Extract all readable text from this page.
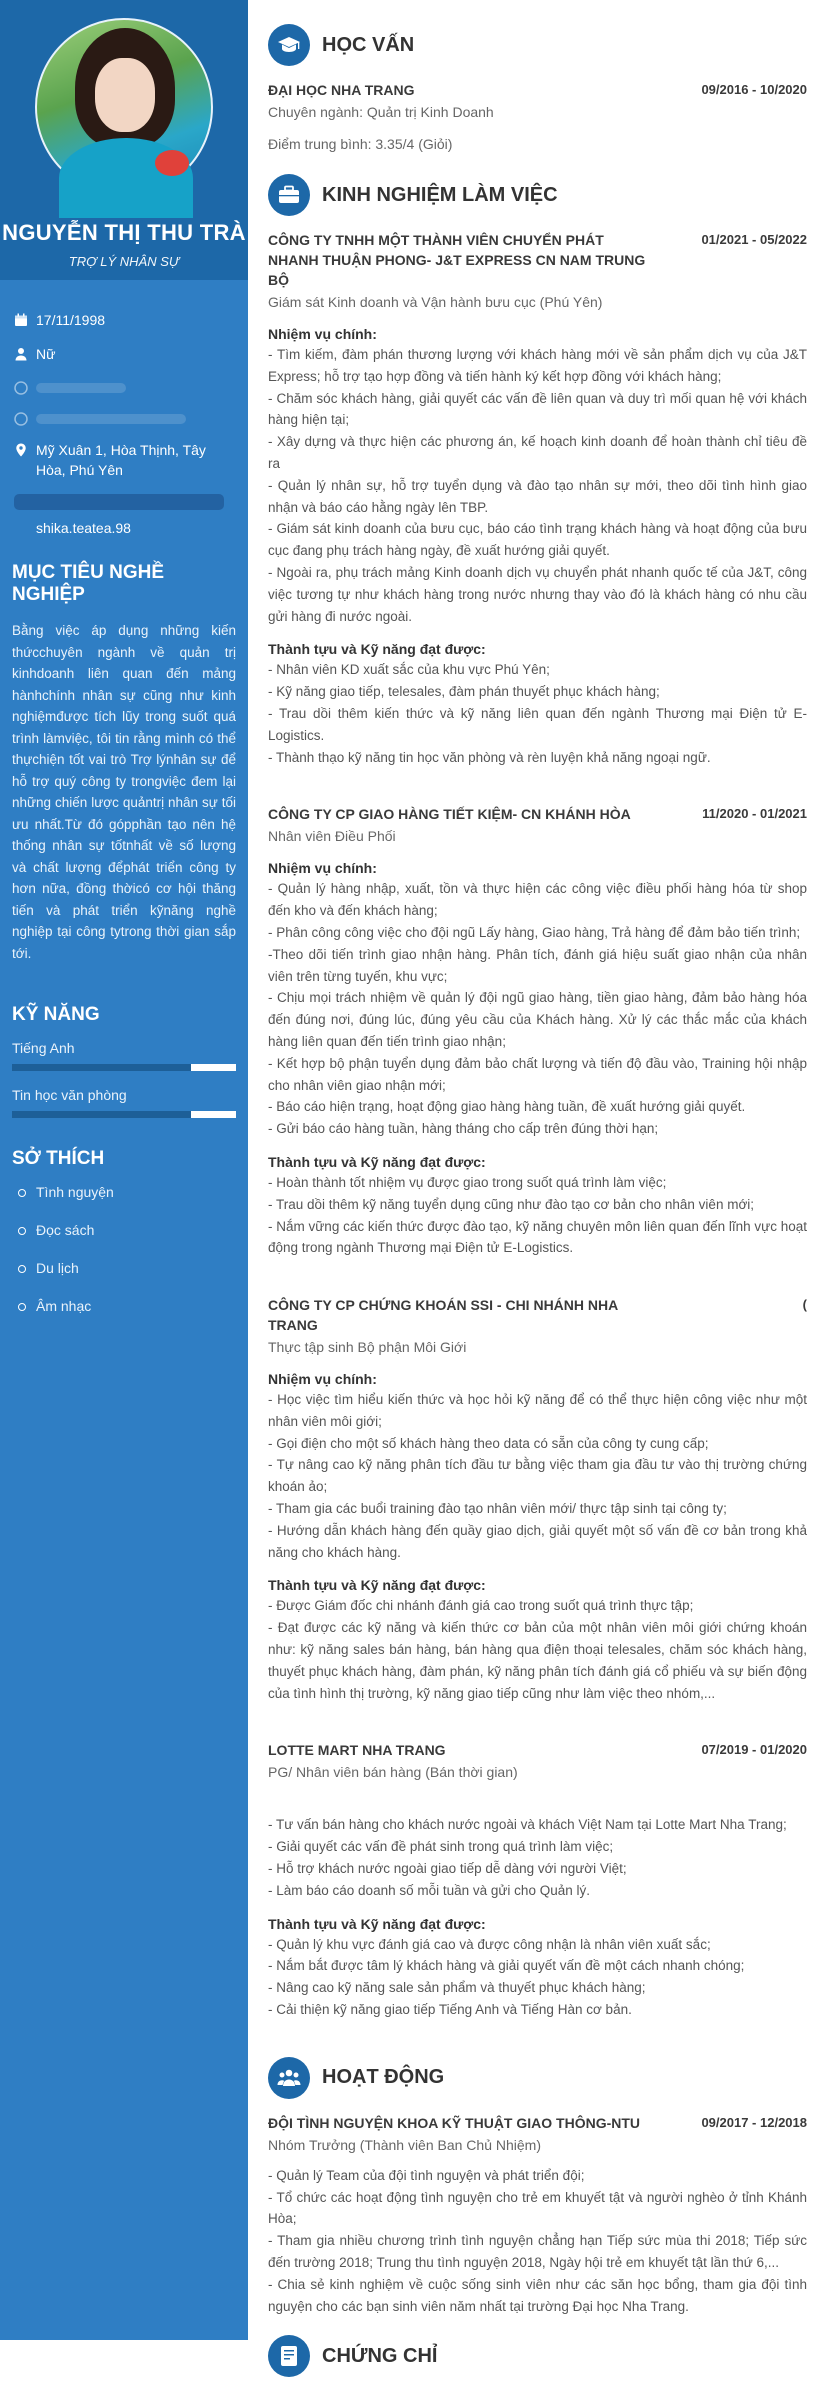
NGUYỄN THỊ THU TRÀ
TRỢ LÝ NHÂN SỰ
17/11/1998
Nữ
Mỹ Xuân 1, Hòa Thịnh, Tây Hòa, Phú Yên
shika.teatea.98
MỤC TIÊU NGHỀ NGHIỆP
Bằng việc áp dụng những kiến thứcchuyên ngành về quản trị kinhdoanh liên quan đến mảng hànhchính nhân sự cũng như kinh nghiệmđược tích lũy trong suốt quá trình làmviệc, tôi tin rằng mình có thể thựchiện tốt vai trò Trợ lýnhân sự để hỗ trợ quý công ty trongviệc đem lại những chiến lược quảntrị nhân sự tối ưu nhất.Từ đó gópphần tạo nên hệ thống nhân sự tốtnhất về số lượng và chất lượng đểphát triển công ty hơn nữa, đồng thờicó cơ hội thăng tiến và phát triển kỹnăng nghề nghiệp tại công tytrong thời gian sắp tới.
KỸ NĂNG
Tiếng Anh
Tin học văn phòng
SỞ THÍCH
Tình nguyện
Đọc sách
Du lịch
Âm nhạc
HỌC VẤN
ĐẠI HỌC NHA TRANG	09/2016 - 10/2020
Chuyên ngành: Quản trị Kinh Doanh
Điểm trung bình: 3.35/4 (Giỏi)
KINH NGHIỆM LÀM VIỆC
CÔNG TY TNHH MỘT THÀNH VIÊN CHUYỂN PHÁT NHANH THUẬN PHONG- J&T EXPRESS CN NAM TRUNG BỘ
01/2021 - 05/2022
Giám sát Kinh doanh và Vận hành bưu cục (Phú Yên)
Nhiệm vụ chính:
- Tìm kiếm, đàm phán thương lượng với khách hàng mới về sản phẩm dịch vụ của J&T Express; hỗ trợ tạo hợp đồng và tiến hành ký kết hợp đồng với khách hàng;
- Chăm sóc khách hàng, giải quyết các vấn đề liên quan và duy trì mối quan hệ với khách hàng hiện tại;
- Xây dựng và thực hiện các phương án, kế hoạch kinh doanh để hoàn thành chỉ tiêu đề ra
- Quản lý nhân sự, hỗ trợ tuyển dụng và đào tạo nhân sự mới, theo dõi tình hình giao nhận và báo cáo hằng ngày lên TBP.
- Giám sát kinh doanh của bưu cục, báo cáo tình trạng khách hàng và hoạt động của bưu cục đang phụ trách hàng ngày, đề xuất hướng giải quyết.
- Ngoài ra, phụ trách mảng Kinh doanh dịch vụ chuyển phát nhanh quốc tế của J&T, công việc tương tự như khách hàng trong nước nhưng thay vào đó là khách hàng có nhu cầu gửi hàng đi nước ngoài.
Thành tựu và Kỹ năng đạt được:
- Nhân viên KD xuất sắc của khu vực Phú Yên;
- Kỹ năng giao tiếp, telesales, đàm phán thuyết phục khách hàng;
- Trau dồi thêm kiến thức và kỹ năng liên quan đến ngành Thương mại Điện tử E-Logistics.
- Thành thạo kỹ năng tin học văn phòng và rèn luyện khả năng ngoại ngữ.
CÔNG TY CP GIAO HÀNG TIẾT KIỆM- CN KHÁNH HÒA	11/2020 - 01/2021
Nhân viên Điều Phối
Nhiệm vụ chính:
- Quản lý hàng nhập, xuất, tồn và thực hiện các công việc điều phối hàng hóa từ shop đến kho và đến khách hàng;
- Phân công công việc cho đội ngũ Lấy hàng, Giao hàng, Trả hàng để đảm bảo tiến trình;
-Theo dõi tiến trình giao nhận hàng. Phân tích, đánh giá hiệu suất giao nhận của nhân viên trên từng tuyến, khu vực;
- Chịu mọi trách nhiệm về quản lý đội ngũ giao hàng, tiền giao hàng, đảm bảo hàng hóa đến đúng nơi, đúng lúc, đúng yêu cầu của Khách hàng. Xử lý các thắc mắc của khách hàng liên quan đến tiến trình giao nhận;
- Kết hợp bộ phận tuyển dụng đảm bảo chất lượng và tiến độ đầu vào, Training hội nhập cho nhân viên giao nhận mới;
- Báo cáo hiện trạng, hoạt động giao hàng hàng tuần, đề xuất hướng giải quyết.
- Gửi báo cáo hàng tuần, hàng tháng cho cấp trên đúng thời hạn;
Thành tựu và Kỹ năng đạt được:
- Hoàn thành tốt nhiệm vụ được giao trong suốt quá trình làm việc;
- Trau dồi thêm kỹ năng tuyển dụng cũng như đào tạo cơ bản cho nhân viên mới;
- Nắm vững các kiến thức được đào tạo, kỹ năng chuyên môn liên quan đến lĩnh vực hoạt động trong ngành Thương mại Điện tử E-Logistics.
CÔNG TY CP CHỨNG KHOÁN SSI - CHI NHÁNH NHA TRANG
(
Thực tập sinh Bộ phận Môi Giới
Nhiệm vụ chính:
- Học việc tìm hiểu kiến thức và học hỏi kỹ năng để có thể thực hiện công việc như một nhân viên môi giới;
- Gọi điện cho một số khách hàng theo data có sẵn của công ty cung cấp;
- Tự nâng cao kỹ năng phân tích đầu tư bằng việc tham gia đầu tư vào thị trường chứng khoán ảo;
- Tham gia các buổi training đào tạo nhân viên mới/ thực tập sinh tại công ty;
- Hướng dẫn khách hàng đến quầy giao dịch, giải quyết một số vấn đề cơ bản trong khả năng cho khách hàng.
Thành tựu và Kỹ năng đạt được:
- Được Giám đốc chi nhánh đánh giá cao trong suốt quá trình thực tập;
- Đạt được các kỹ năng và kiến thức cơ bản của một nhân viên môi giới chứng khoán như: kỹ năng sales bán hàng, bán hàng qua điện thoại telesales, chăm sóc khách hàng, thuyết phục khách hàng, đàm phán, kỹ năng phân tích đánh giá cổ phiếu và sự biến động của tình hình thị trường, kỹ năng giao tiếp cũng như làm việc theo nhóm,...
LOTTE MART NHA TRANG	07/2019 - 01/2020
PG/ Nhân viên bán hàng (Bán thời gian)
- Tư vấn bán hàng cho khách nước ngoài và khách Việt Nam tại Lotte Mart Nha Trang;
- Giải quyết các vấn đề phát sinh trong quá trình làm việc;
- Hỗ trợ khách nước ngoài giao tiếp dễ dàng với người Việt;
- Làm báo cáo doanh số mỗi tuần và gửi cho Quản lý.
Thành tựu và Kỹ năng đạt được:
- Quản lý khu vực đánh giá cao và được công nhận là nhân viên xuất sắc;
- Nắm bắt được tâm lý khách hàng và giải quyết vấn đề một cách nhanh chóng;
- Nâng cao kỹ năng sale sản phẩm và thuyết phục khách hàng;
- Cải thiện kỹ năng giao tiếp Tiếng Anh và Tiếng Hàn cơ bản.
HOẠT ĐỘNG
ĐỘI TÌNH NGUYỆN KHOA KỸ THUẬT GIAO THÔNG-NTU	09/2017 - 12/2018
Nhóm Trưởng (Thành viên Ban Chủ Nhiệm)
- Quản lý Team của đội tình nguyện và phát triển đội;
- Tổ chức các hoạt động tình nguyện cho trẻ em khuyết tật và người nghèo ở tỉnh Khánh Hòa;
- Tham gia nhiều chương trình tình nguyện chẳng hạn Tiếp sức mùa thi 2018; Tiếp sức đến trường 2018; Trung thu tình nguyện 2018, Ngày hội trẻ em khuyết tật lần thứ 6,...
- Chia sẻ kinh nghiệm về cuộc sống sinh viên như các săn học bổng, tham gia đội tình nguyện cho các bạn sinh viên năm nhất tại trường Đại học Nha Trang.
CHỨNG CHỈ
